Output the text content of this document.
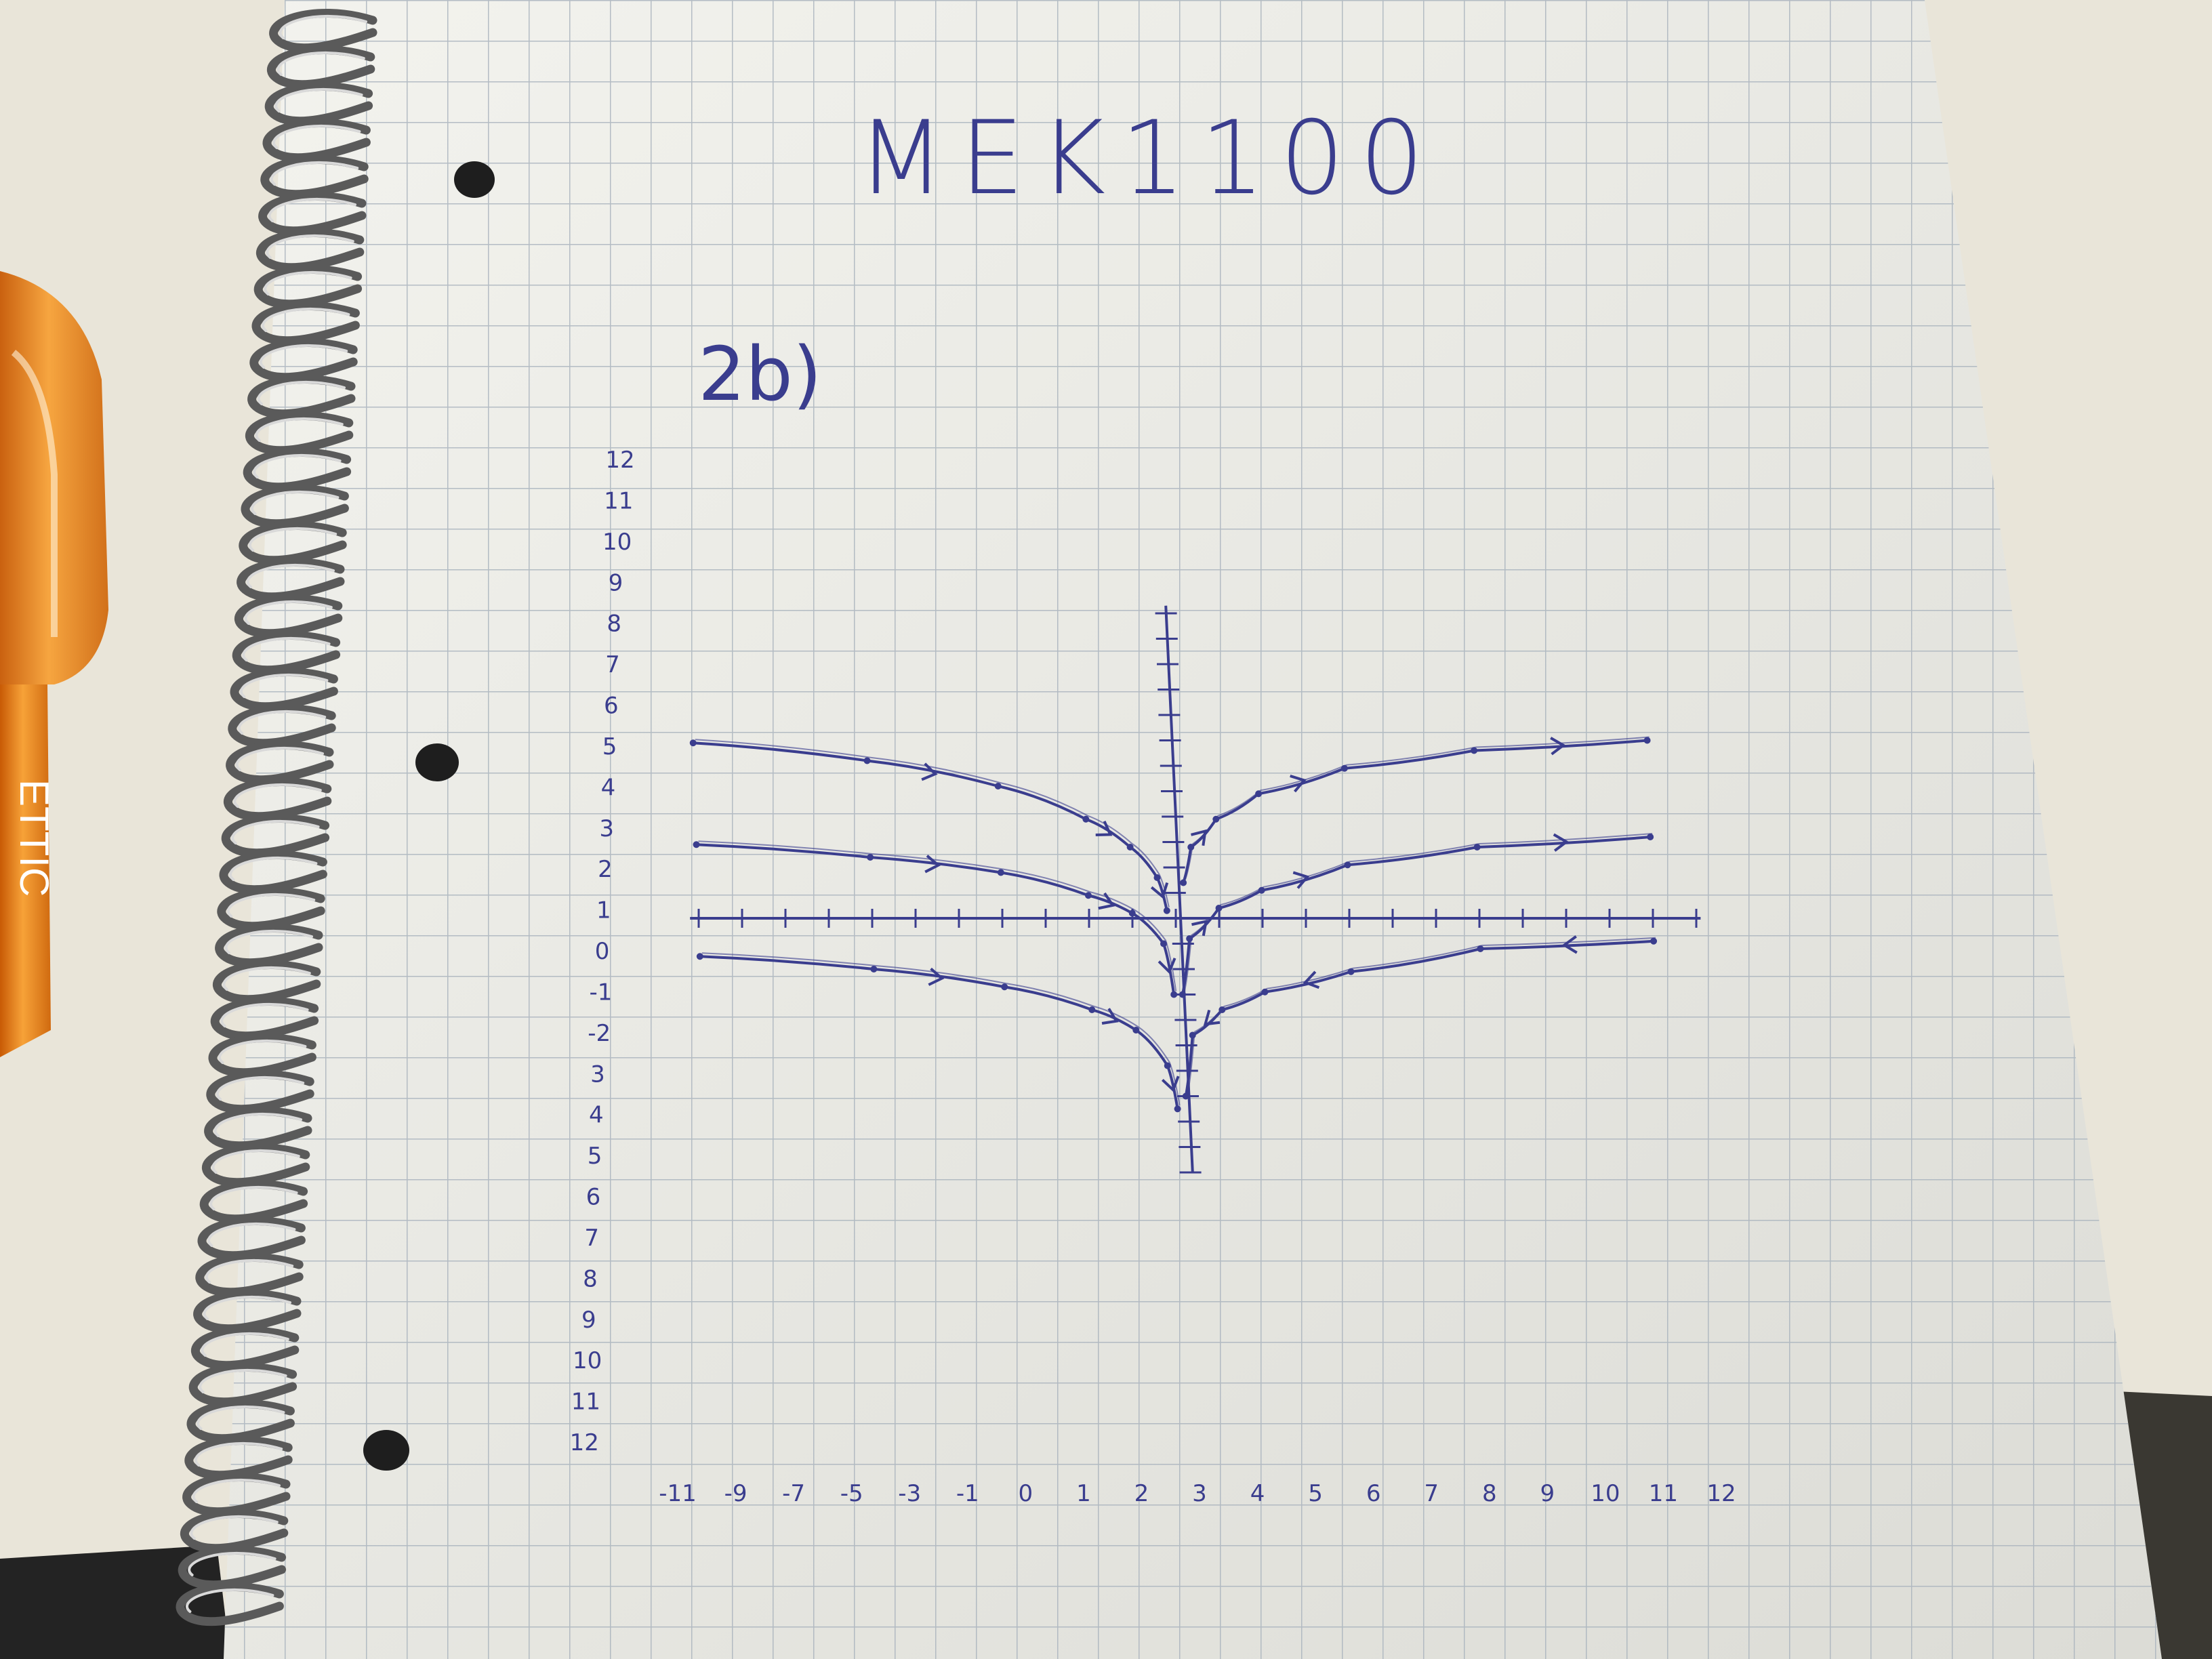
ETTIC
MEK1100
2b)
-11 -9 -7 -5 -3 -1 0 1 2 3 4 5 6 7 8 9 10 11 12
12
11
10
9
8
7
6
5
4
3
2
1
0
-1
-2
3
4
5
6
7
8
9
10
11
12
